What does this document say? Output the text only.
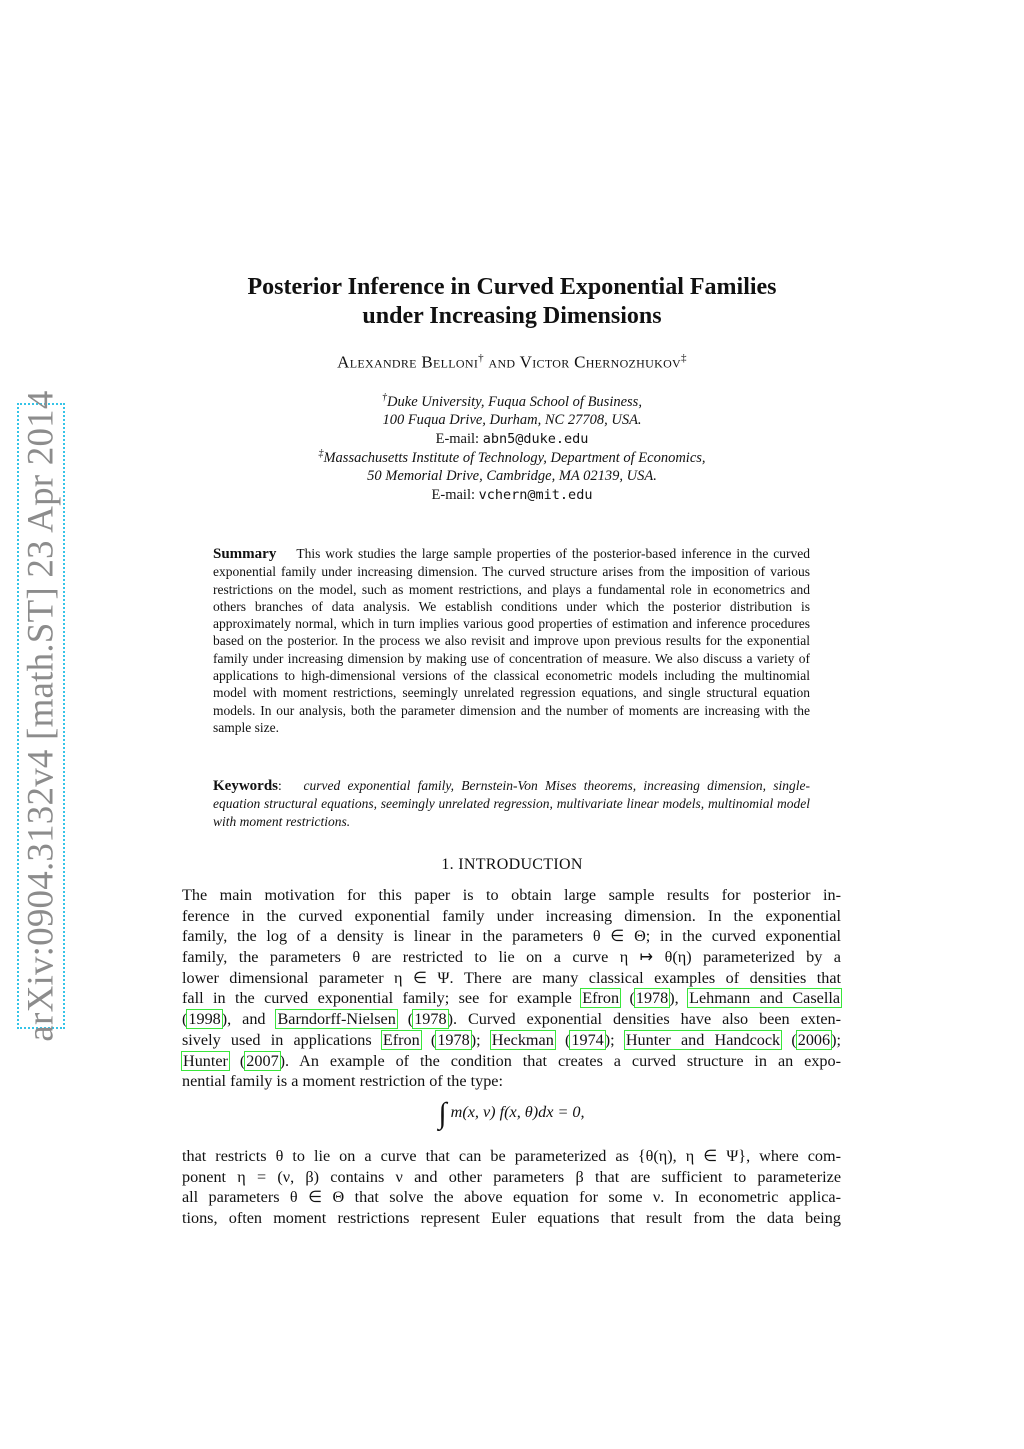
arXiv:0904.3132v4 [math.ST] 23 Apr 2014
Posterior Inference in Curved Exponential Families
under Increasing Dimensions
Alexandre Belloni† and Victor Chernozhukov‡
†Duke University, Fuqua School of Business,
100 Fuqua Drive, Durham, NC 27708, USA.
E-mail: abn5@duke.edu
‡Massachusetts Institute of Technology, Department of Economics,
50 Memorial Drive, Cambridge, MA 02139, USA.
E-mail: vchern@mit.edu
Summary This work studies the large sample properties of the posterior-based inference in the curved exponential family under increasing dimension. The curved structure arises from the imposition of various restrictions on the model, such as moment restrictions, and plays a fundamental role in econometrics and others branches of data analysis. We establish conditions under which the posterior distribution is approximately normal, which in turn implies various good properties of estimation and inference procedures based on the posterior. In the process we also revisit and improve upon previous results for the exponential family under increasing dimension by making use of concentration of measure. We also discuss a variety of applications to high-dimensional versions of the classical econometric models including the multinomial model with moment restrictions, seemingly unrelated regression equations, and single structural equation models. In our analysis, both the parameter dimension and the number of moments are increasing with the sample size.
Keywords:   curved exponential family, Bernstein-Von Mises theorems, increasing dimension, single-equation structural equations, seemingly unrelated regression, multivariate linear models, multinomial model with moment restrictions.
1. INTRODUCTION
The main motivation for this paper is to obtain large sample results for posterior in-
ference in the curved exponential family under increasing dimension. In the exponential
family, the log of a density is linear in the parameters θ ∈ Θ; in the curved exponential
family, the parameters θ are restricted to lie on a curve η ↦ θ(η) parameterized by a
lower dimensional parameter η ∈ Ψ. There are many classical examples of densities that
fall in the curved exponential family; see for example Efron (1978), Lehmann and Casella
(1998), and Barndorff-Nielsen (1978). Curved exponential densities have also been exten-
sively used in applications Efron (1978); Heckman (1974); Hunter and Handcock (2006);
Hunter (2007). An example of the condition that creates a curved structure in an expo-
nential family is a moment restriction of the type:
∫ m(x, ν) f(x, θ)dx = 0,
that restricts θ to lie on a curve that can be parameterized as {θ(η), η ∈ Ψ}, where com-
ponent η = (ν, β) contains ν and other parameters β that are sufficient to parameterize
all parameters θ ∈ Θ that solve the above equation for some ν. In econometric applica-
tions, often moment restrictions represent Euler equations that result from the data being
